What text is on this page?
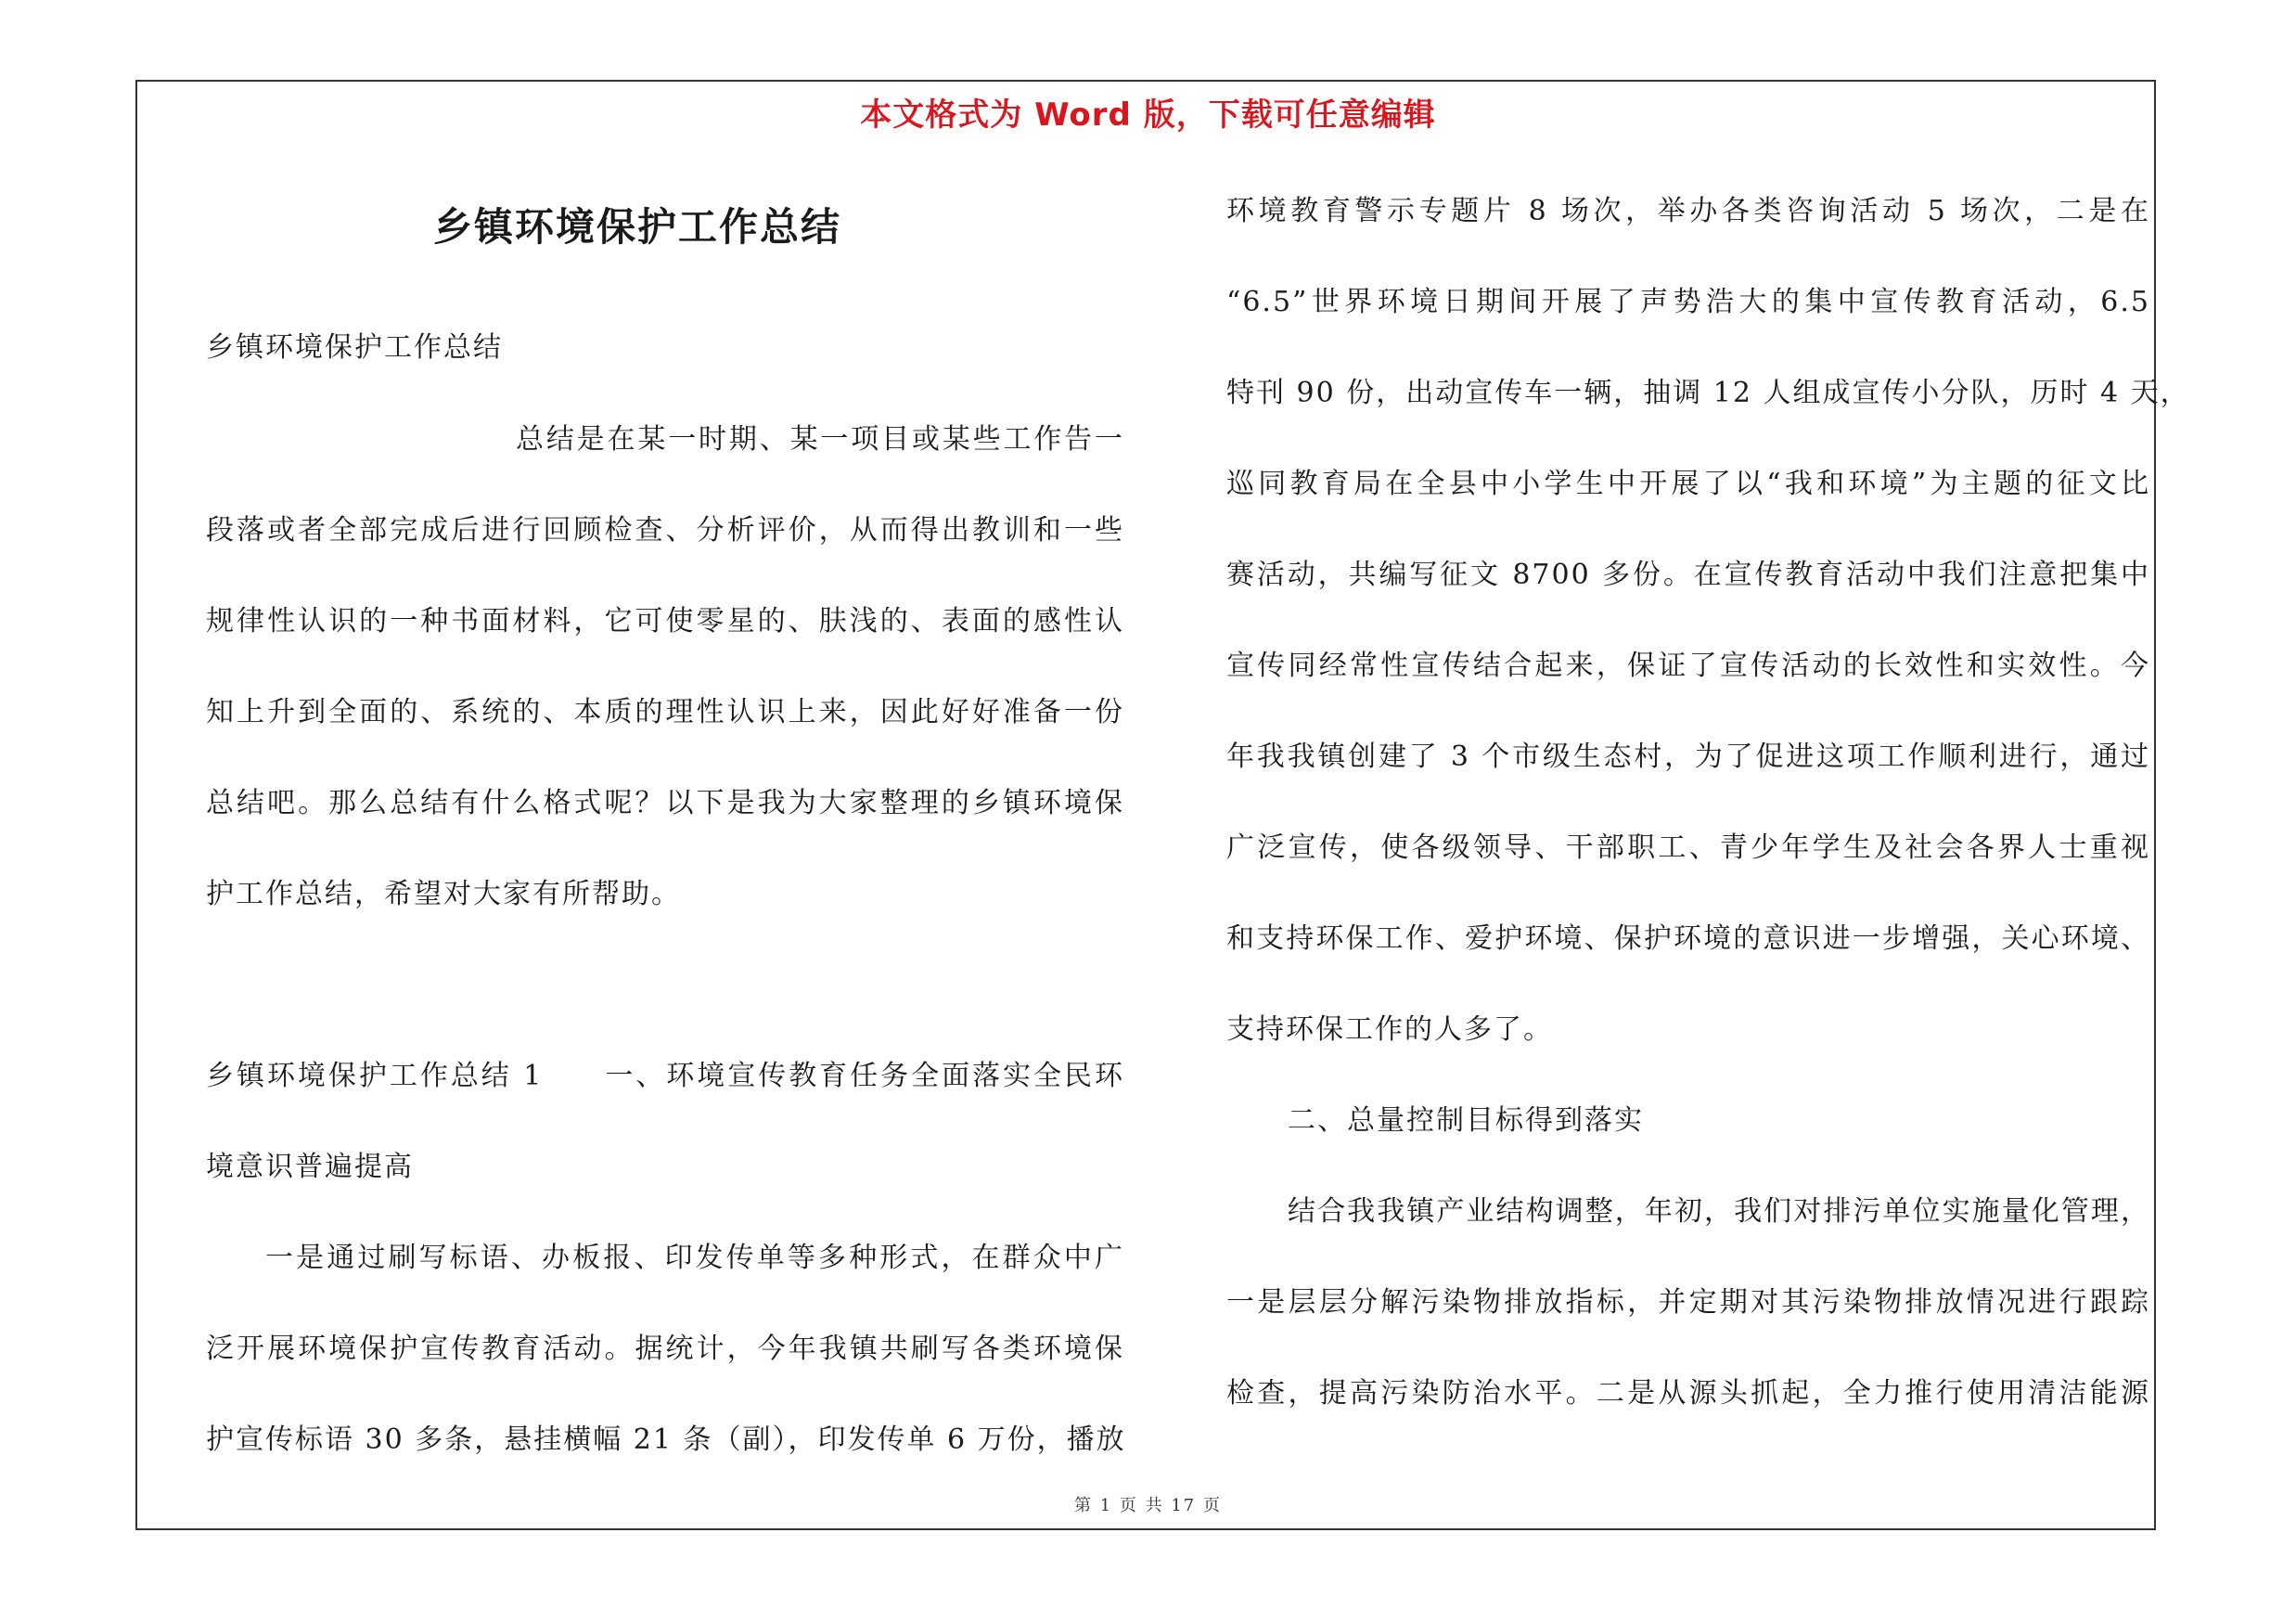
本文格式为 Word 版，下载可任意编辑
乡镇环境保护工作总结
乡镇环境保护工作总结
总结是在某一时期、某一项目或某些工作告一
段落或者全部完成后进行回顾检查、分析评价，从而得出教训和一些
规律性认识的一种书面材料，它可使零星的、肤浅的、表面的感性认
知上升到全面的、系统的、本质的理性认识上来，因此好好准备一份
总结吧。那么总结有什么格式呢？以下是我为大家整理的乡镇环境保
护工作总结，希望对大家有所帮助。
乡镇环境保护工作总结 1　　一、环境宣传教育任务全面落实全民环
境意识普遍提高
一是通过刷写标语、办板报、印发传单等多种形式，在群众中广
泛开展环境保护宣传教育活动。据统计，今年我镇共刷写各类环境保
护宣传标语 30 多条，悬挂横幅 21 条（副），印发传单 6 万份，播放
环境教育警示专题片 8 场次，举办各类咨询活动 5 场次，二是在
“6.5”世界环境日期间开展了声势浩大的集中宣传教育活动，6.5
特刊 90 份，出动宣传车一辆，抽调 12 人组成宣传小分队，历时 4 天，
巡同教育局在全县中小学生中开展了以“我和环境”为主题的征文比
赛活动，共编写征文 8700 多份。在宣传教育活动中我们注意把集中
宣传同经常性宣传结合起来，保证了宣传活动的长效性和实效性。今
年我我镇创建了 3 个市级生态村，为了促进这项工作顺利进行，通过
广泛宣传，使各级领导、干部职工、青少年学生及社会各界人士重视
和支持环保工作、爱护环境、保护环境的意识进一步增强，关心环境、
支持环保工作的人多了。
二、总量控制目标得到落实
结合我我镇产业结构调整，年初，我们对排污单位实施量化管理，
一是层层分解污染物排放指标，并定期对其污染物排放情况进行跟踪
检查，提高污染防治水平。二是从源头抓起，全力推行使用清洁能源
第 1 页 共 17 页
